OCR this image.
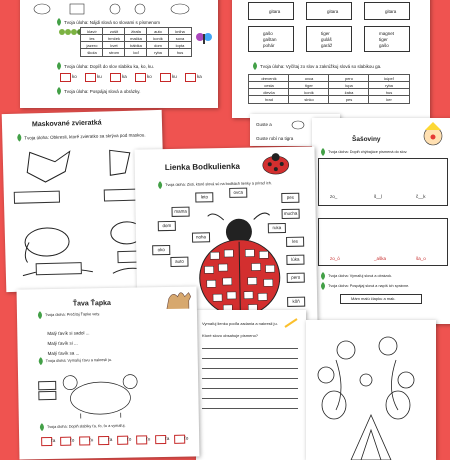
Tvoja úloha: Nájdi slová so slovami s písmenom
klavír	zošit	žirafa	auto	kniha
les	hrnček	mačka	koník	sova
jazero	kvet	bábika	dom	lopta
škola	strom	loď	ryba	hus
Tvoja úloha: Dopíš do slov slabiku ka, ko, ku.
ko	ku	ka	ko	ku	ka
Tvoja úloha: Pospájaj slová a obrázky.
gitara	gitara	gitara
gašo
gaštan
pohár
tiger
guláš
garáž
magnet
tiger
gašo
Tvoja úloha: Vyčítaj zo slov a zakrúžkuj slová so slabikou ga.
dreveník	ovca	pero	kúpeľ
cesta	tiger	lupa	ryba
dievča	koník	žaba	hus
hrad	slnko	pes	ker
Guste a
Guste robí na tigra
Maskované zvieratká
Tvoja úloha: Obkresli, ktoré zvieratko sa skrýva pod maskou.	Šašoviny
Tvoja úloha: Doplň chýbajúce písmená do slov.
zo_	š__l	č__k
zo_ó	_aška	ša_o
Tvoja úloha: Vymaľuj slová a obrázok.
Tvoja úloha: Pospájaj slová a napíš ich správne.
Mám malú čiapku a mak.
Lienka Bodkulienka
Tvoja úloha: Zisti, ktoré slová sú na bodkách lienky a priraď ich.
leto
ovca
mama
dom
noha
pes
mucha
ruka
oko
auto
les
lúka
pero
kôň
Vymaľuj lienku podľa zadania a nakresli ju.
Ktoré slovo obsahuje písmeno?
Ťava Ťapka
Tvoja úloha: Prečítaj Ťapke vety.
Malý ťavík si sadol ...
Malý ťavík si ...
Malý ťavík sa ...
Tvoja úloha: Vymaľuj ťavu a nakresli ju.
Tvoja úloha: Doplň slabiky ťa, ťo, ťu a vymaľuj.
ťa	ťo	ťu	ťa	ťo	ťu	ťa	ťo
